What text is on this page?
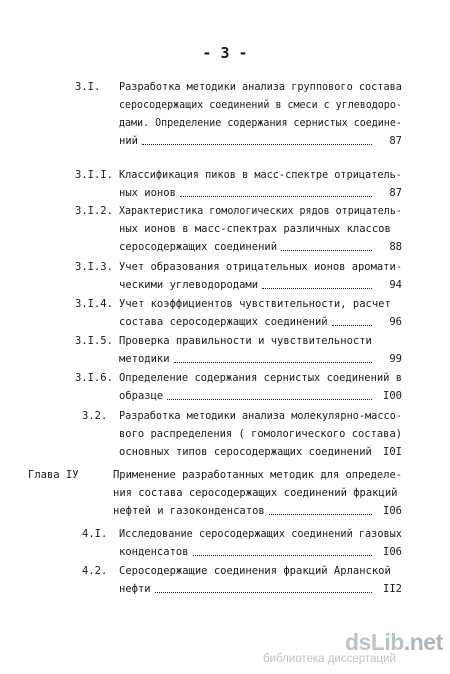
- 3 -
3.I. Разработка методики анализа группового состава
серосодержащих соединений в смеси с углеводоро-
дами. Определение содержания сернистых соедине-
ний	87
3.I.I. Классификация пиков в масс-спектре отрицатель-
ных ионов	87
3.I.2. Характеристика гомологических рядов отрицатель-
ных ионов в масс-спектрах различных классов
серосодержащих соединений	88
3.I.3. Учет образования отрицательных ионов аромати-
ческими углеводородами	94
3.I.4. Учет коэффициентов чувствительности, расчет
состава серосодержащих соединений	96
3.I.5. Проверка правильности и чувствительности
методики	99
3.I.6. Определение содержания сернистых соединений в
образце	I00
3.2. Разработка методики анализа молекулярно-массо-
вого распределения ( гомологического состава)
основных типов серосодержащих соединений I0I
Глава IУ	Применение разработанных методик для определе-
ния состава серосодержащих соединений фракций
нефтей и газоконденсатов	I06
4.I. Исследование серосодержащих соединений газовых
конденсатов	I06
4.2. Серосодержащие соединения фракций Арланской
нефти	II2
dsLib.net
библиотека диссертаций
